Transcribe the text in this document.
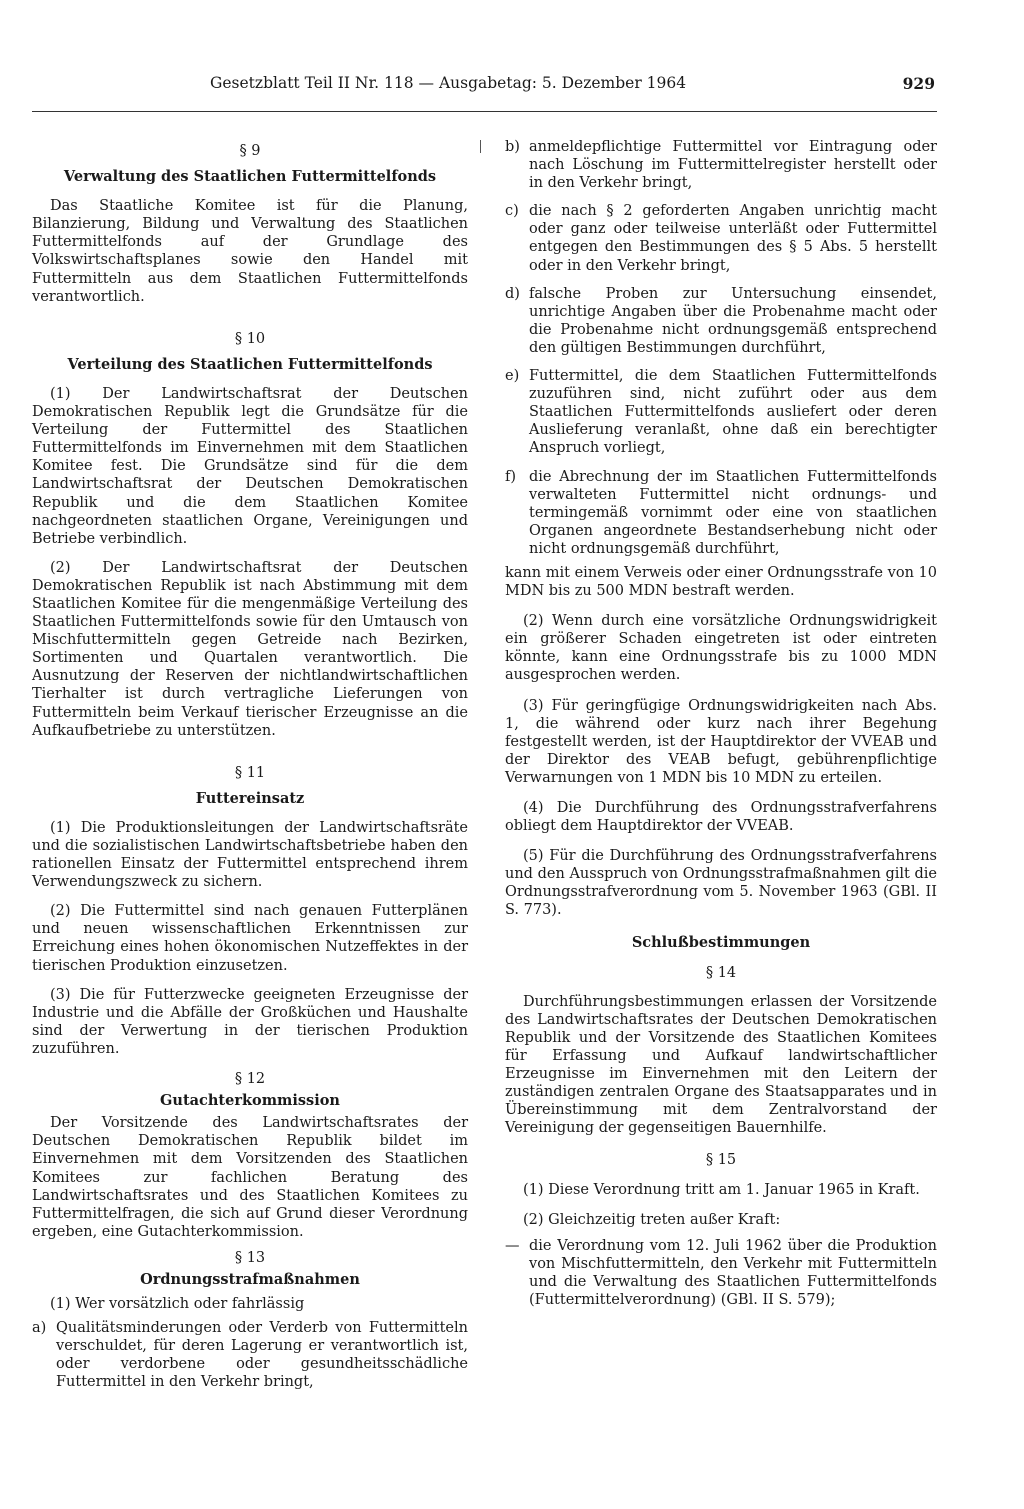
Gesetzblatt Teil II Nr. 118 — Ausgabetag: 5. Dezember 1964	929

§ 9

Verwaltung des Staatlichen Futtermittelfonds

Das Staatliche Komitee ist für die Planung, Bilanzierung, Bildung und Verwaltung des Staatlichen Futtermittelfonds auf der Grundlage des Volkswirtschaftsplanes sowie den Handel mit Futtermitteln aus dem Staatlichen Futtermittelfonds verantwortlich.

§ 10

Verteilung des Staatlichen Futtermittelfonds

(1) Der Landwirtschaftsrat der Deutschen Demokratischen Republik legt die Grundsätze für die Verteilung der Futtermittel des Staatlichen Futtermittelfonds im Einvernehmen mit dem Staatlichen Komitee fest. Die Grundsätze sind für die dem Landwirtschaftsrat der Deutschen Demokratischen Republik und die dem Staatlichen Komitee nachgeordneten staatlichen Organe, Vereinigungen und Betriebe verbindlich.

(2) Der Landwirtschaftsrat der Deutschen Demokratischen Republik ist nach Abstimmung mit dem Staatlichen Komitee für die mengenmäßige Verteilung des Staatlichen Futtermittelfonds sowie für den Umtausch von Mischfuttermitteln gegen Getreide nach Bezirken, Sortimenten und Quartalen verantwortlich. Die Ausnutzung der Reserven der nichtlandwirtschaftlichen Tierhalter ist durch vertragliche Lieferungen von Futtermitteln beim Verkauf tierischer Erzeugnisse an die Aufkaufbetriebe zu unterstützen.

§ 11

Futtereinsatz

(1) Die Produktionsleitungen der Landwirtschaftsräte und die sozialistischen Landwirtschaftsbetriebe haben den rationellen Einsatz der Futtermittel entsprechend ihrem Verwendungszweck zu sichern.

(2) Die Futtermittel sind nach genauen Futterplänen und neuen wissenschaftlichen Erkenntnissen zur Erreichung eines hohen ökonomischen Nutzeffektes in der tierischen Produktion einzusetzen.

(3) Die für Futterzwecke geeigneten Erzeugnisse der Industrie und die Abfälle der Großküchen und Haushalte sind der Verwertung in der tierischen Produktion zuzuführen.

§ 12

Gutachterkommission

Der Vorsitzende des Landwirtschaftsrates der Deutschen Demokratischen Republik bildet im Einvernehmen mit dem Vorsitzenden des Staatlichen Komitees zur fachlichen Beratung des Landwirtschaftsrates und des Staatlichen Komitees zu Futtermittelfragen, die sich auf Grund dieser Verordnung ergeben, eine Gutachterkommission.

§ 13

Ordnungsstrafmaßnahmen

(1) Wer vorsätzlich oder fahrlässig

a) Qualitätsminderungen oder Verderb von Futtermitteln verschuldet, für deren Lagerung er verantwortlich ist, oder verdorbene oder gesundheitsschädliche Futtermittel in den Verkehr bringt,
b) anmeldepflichtige Futtermittel vor Eintragung oder nach Löschung im Futtermittelregister herstellt oder in den Verkehr bringt,
c) die nach § 2 geforderten Angaben unrichtig macht oder ganz oder teilweise unterläßt oder Futtermittel entgegen den Bestimmungen des § 5 Abs. 5 herstellt oder in den Verkehr bringt,
d) falsche Proben zur Untersuchung einsendet, unrichtige Angaben über die Probenahme macht oder die Probenahme nicht ordnungsgemäß entsprechend den gültigen Bestimmungen durchführt,
e) Futtermittel, die dem Staatlichen Futtermittelfonds zuzuführen sind, nicht zuführt oder aus dem Staatlichen Futtermittelfonds ausliefert oder deren Auslieferung veranlaßt, ohne daß ein berechtigter Anspruch vorliegt,
f) die Abrechnung der im Staatlichen Futtermittelfonds verwalteten Futtermittel nicht ordnungs- und termingemäß vornimmt oder eine von staatlichen Organen angeordnete Bestandserhebung nicht oder nicht ordnungsgemäß durchführt,

kann mit einem Verweis oder einer Ordnungsstrafe von 10 MDN bis zu 500 MDN bestraft werden.

(2) Wenn durch eine vorsätzliche Ordnungswidrigkeit ein größerer Schaden eingetreten ist oder eintreten könnte, kann eine Ordnungsstrafe bis zu 1000 MDN ausgesprochen werden.

(3) Für geringfügige Ordnungswidrigkeiten nach Abs. 1, die während oder kurz nach ihrer Begehung festgestellt werden, ist der Hauptdirektor der VVEAB und der Direktor des VEAB befugt, gebührenpflichtige Verwarnungen von 1 MDN bis 10 MDN zu erteilen.

(4) Die Durchführung des Ordnungsstrafverfahrens obliegt dem Hauptdirektor der VVEAB.

(5) Für die Durchführung des Ordnungsstrafverfahrens und den Ausspruch von Ordnungsstrafmaßnahmen gilt die Ordnungsstrafverordnung vom 5. November 1963 (GBl. II S. 773).

Schlußbestimmungen

§ 14

Durchführungsbestimmungen erlassen der Vorsitzende des Landwirtschaftsrates der Deutschen Demokratischen Republik und der Vorsitzende des Staatlichen Komitees für Erfassung und Aufkauf landwirtschaftlicher Erzeugnisse im Einvernehmen mit den Leitern der zuständigen zentralen Organe des Staatsapparates und in Übereinstimmung mit dem Zentralvorstand der Vereinigung der gegenseitigen Bauernhilfe.

§ 15

(1) Diese Verordnung tritt am 1. Januar 1965 in Kraft.

(2) Gleichzeitig treten außer Kraft:

— die Verordnung vom 12. Juli 1962 über die Produktion von Mischfuttermitteln, den Verkehr mit Futtermitteln und die Verwaltung des Staatlichen Futtermittelfonds (Futtermittelverordnung) (GBl. II S. 579);
